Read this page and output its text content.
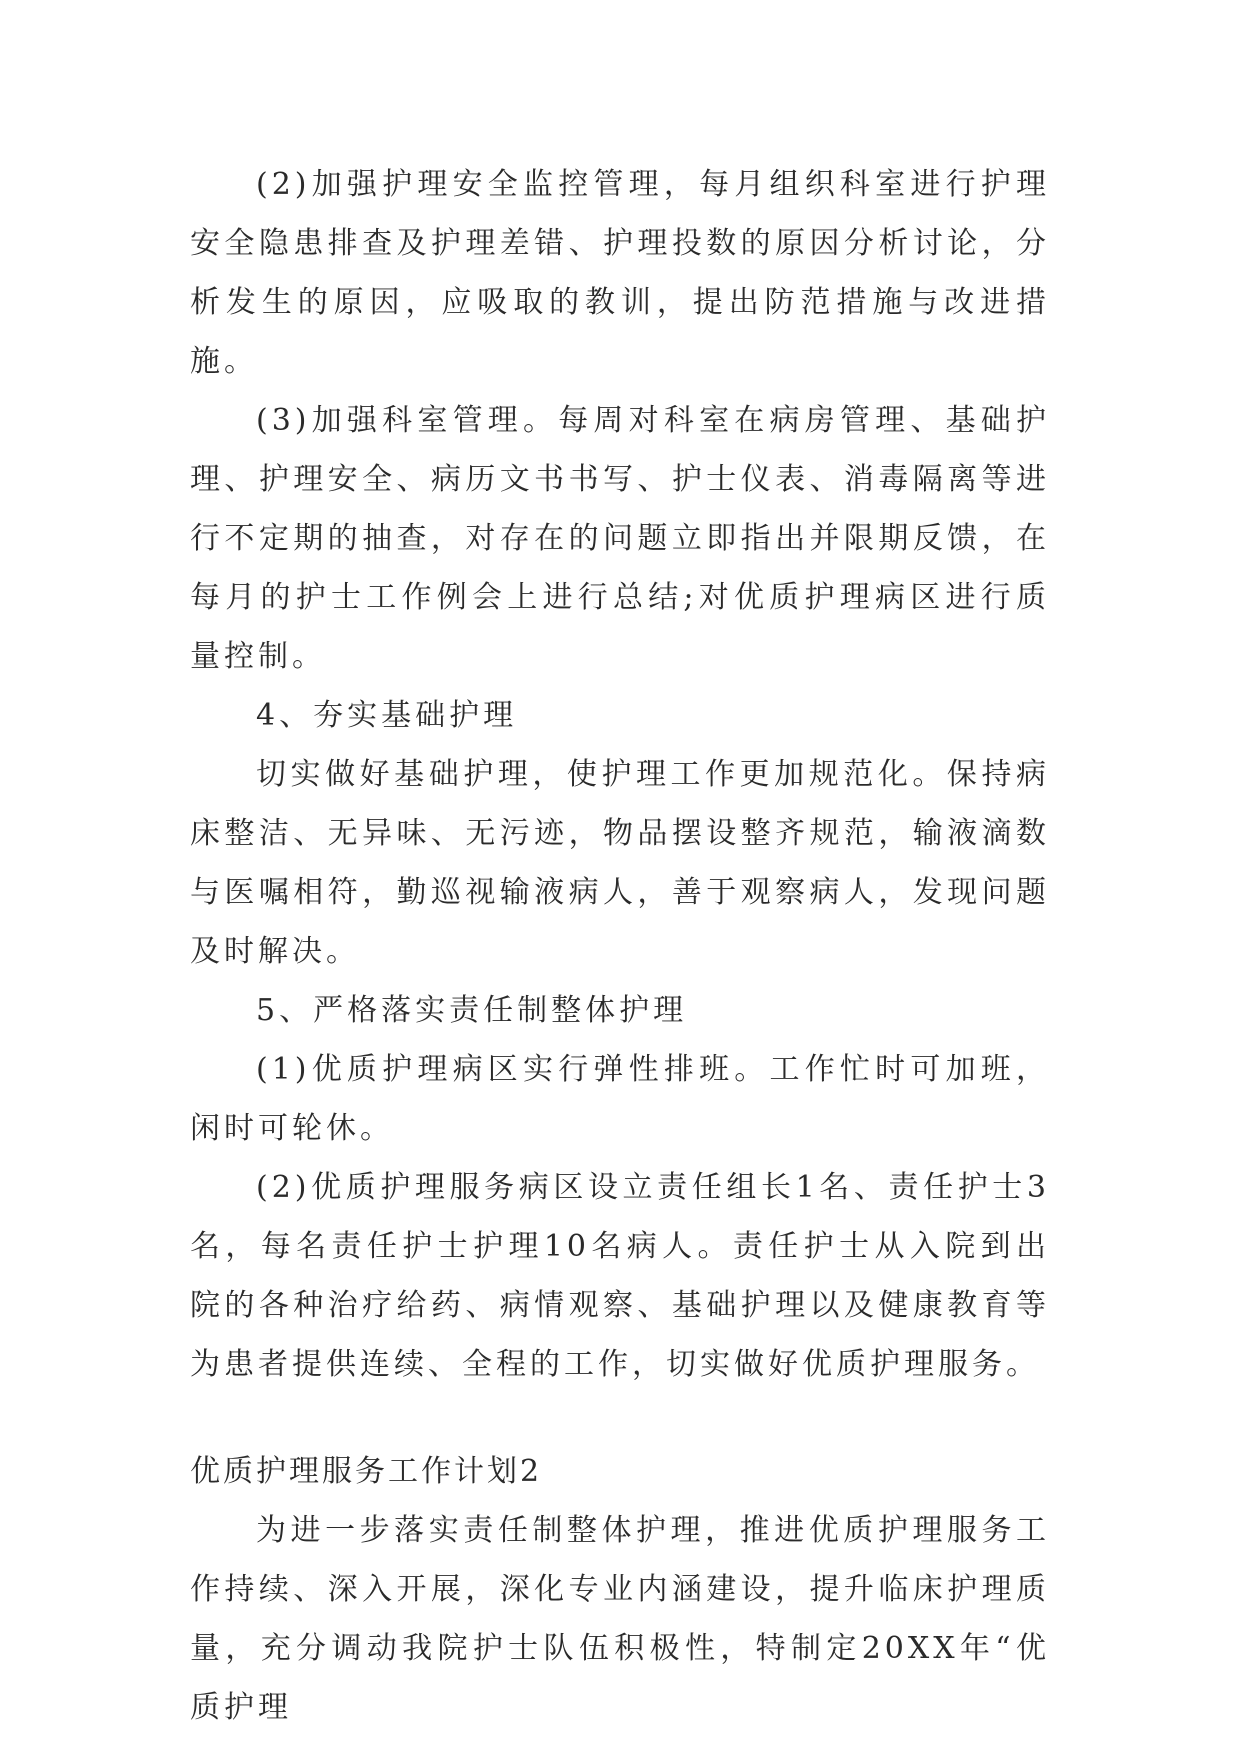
(2)加强护理安全监控管理，每月组织科室进行护理安全隐患排查及护理差错、护理投数的原因分析讨论，分析发生的原因，应吸取的教训，提出防范措施与改进措施。

(3)加强科室管理。每周对科室在病房管理、基础护理、护理安全、病历文书书写、护士仪表、消毒隔离等进行不定期的抽查，对存在的问题立即指出并限期反馈，在每月的护士工作例会上进行总结;对优质护理病区进行质量控制。

4、夯实基础护理

切实做好基础护理，使护理工作更加规范化。保持病床整洁、无异味、无污迹，物品摆设整齐规范，输液滴数与医嘱相符，勤巡视输液病人，善于观察病人，发现问题及时解决。

5、严格落实责任制整体护理

(1)优质护理病区实行弹性排班。工作忙时可加班，闲时可轮休。

(2)优质护理服务病区设立责任组长1名、责任护士3名，每名责任护士护理10名病人。责任护士从入院到出院的各种治疗给药、病情观察、基础护理以及健康教育等为患者提供连续、全程的工作，切实做好优质护理服务。

优质护理服务工作计划2

为进一步落实责任制整体护理，推进优质护理服务工作持续、深入开展，深化专业内涵建设，提升临床护理质量，充分调动我院护士队伍积极性，特制定20XX年“优质护理
